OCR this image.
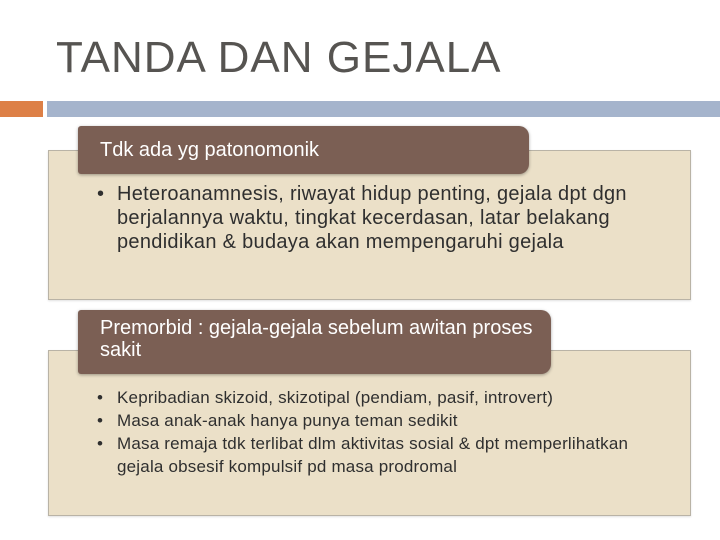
TANDA DAN GEJALA
Tdk ada yg patonomonik
• Heteroanamnesis, riwayat hidup penting, gejala dpt dgn berjalannya waktu, tingkat kecerdasan, latar belakang pendidikan & budaya akan mempengaruhi gejala
Premorbid : gejala-gejala sebelum awitan proses sakit
• Kepribadian skizoid, skizotipal (pendiam, pasif, introvert)
• Masa anak-anak hanya punya teman sedikit
• Masa remaja tdk terlibat dlm aktivitas sosial & dpt memperlihatkan gejala obsesif kompulsif pd masa prodromal
